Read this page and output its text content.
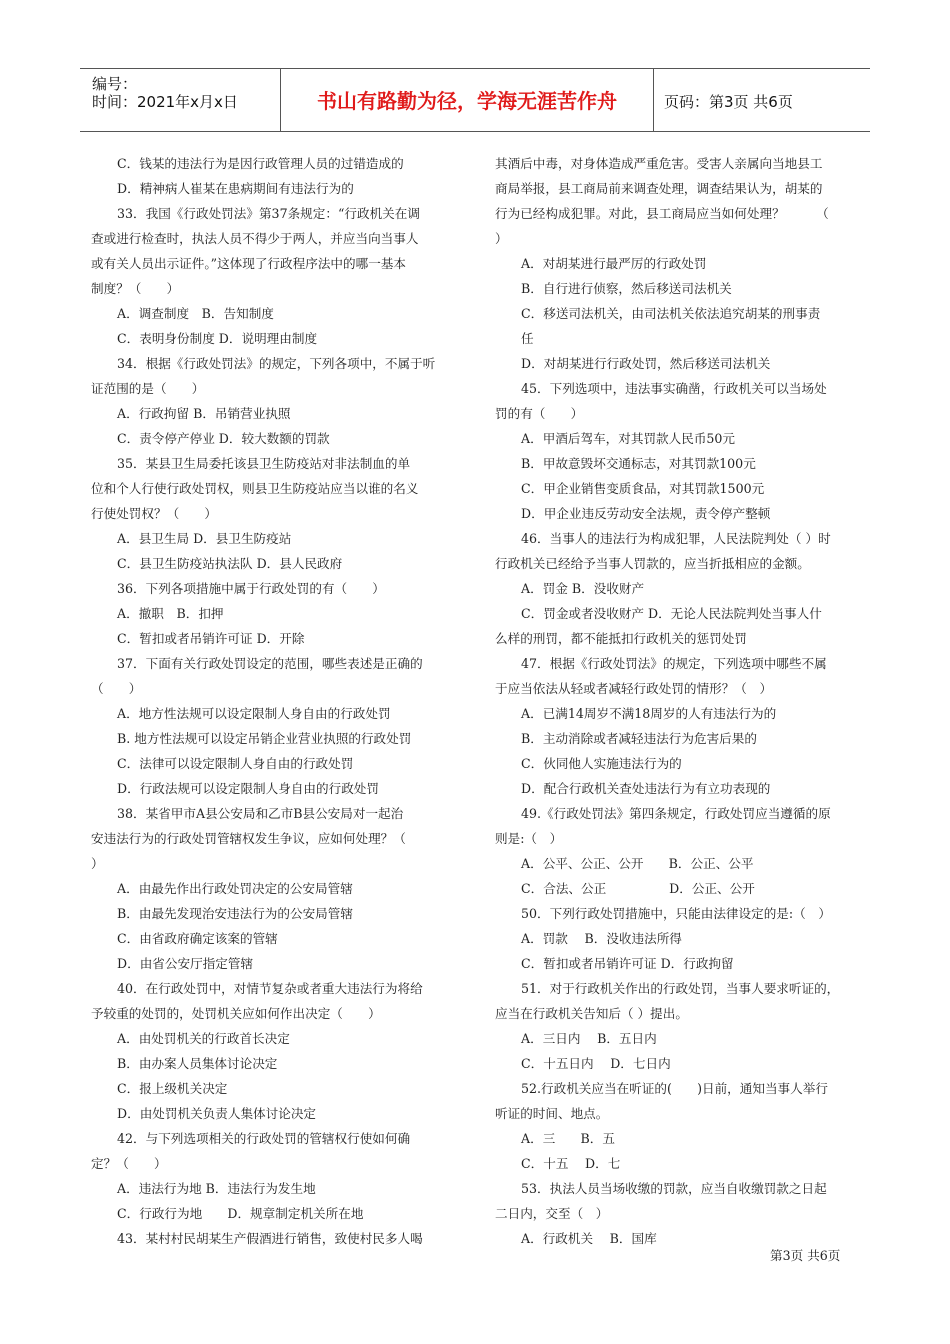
编号：
时间：2021年x月x日	书山有路勤为径，学海无涯苦作舟	页码：第3页 共6页
C．钱某的违法行为是因行政管理人员的过错造成的
D．精神病人崔某在患病期间有违法行为的
33．我国《行政处罚法》第37条规定：“行政机关在调
查或进行检查时，执法人员不得少于两人，并应当向当事人
或有关人员出示证件。”这体现了行政程序法中的哪一基本
制度？（　　）
A．调查制度　B．告知制度
C．表明身份制度 D．说明理由制度
34．根据《行政处罚法》的规定，下列各项中，不属于听
证范围的是（　　）
A．行政拘留 B．吊销营业执照
C．责令停产停业 D．较大数额的罚款
35．某县卫生局委托该县卫生防疫站对非法制血的单
位和个人行使行政处罚权，则县卫生防疫站应当以谁的名义
行使处罚权？（　　）
A．县卫生局 D．县卫生防疫站
C．县卫生防疫站执法队 D．县人民政府
36．下列各项措施中属于行政处罚的有（　　）
A．撤职　B．扣押
C．暂扣或者吊销许可证 D．开除
37．下面有关行政处罚设定的范围，哪些表述是正确的
（　　）
A．地方性法规可以设定限制人身自由的行政处罚
B. 地方性法规可以设定吊销企业营业执照的行政处罚
C．法律可以设定限制人身自由的行政处罚
D．行政法规可以设定限制人身自由的行政处罚
38．某省甲市A县公安局和乙市B县公安局对一起治
安违法行为的行政处罚管辖权发生争议，应如何处理？（
）
A．由最先作出行政处罚决定的公安局管辖
B．由最先发现治安违法行为的公安局管辖
C．由省政府确定该案的管辖
D．由省公安厅指定管辖
40．在行政处罚中，对情节复杂或者重大违法行为将给
予较重的处罚的，处罚机关应如何作出决定（　　）
A．由处罚机关的行政首长决定
B．由办案人员集体讨论决定
C．报上级机关决定
D．由处罚机关负责人集体讨论决定
42．与下列选项相关的行政处罚的管辖权行使如何确
定？（　　）
A．违法行为地 B．违法行为发生地
C．行政行为地　　D．规章制定机关所在地
43．某村村民胡某生产假酒进行销售，致使村民多人喝
其酒后中毒，对身体造成严重危害。受害人亲属向当地县工
商局举报，县工商局前来调查处理，调查结果认为，胡某的
行为已经构成犯罪。对此，县工商局应当如何处理？　　　（
）
A．对胡某进行最严厉的行政处罚
B．自行进行侦察，然后移送司法机关
C．移送司法机关，由司法机关依法追究胡某的刑事责
任
D．对胡某进行行政处罚，然后移送司法机关
45．下列选项中，违法事实确凿，行政机关可以当场处
罚的有（　　）
A．甲酒后驾车，对其罚款人民币50元
B．甲故意毁坏交通标志，对其罚款100元
C．甲企业销售变质食品，对其罚款1500元
D．甲企业违反劳动安全法规，责令停产整顿
46．当事人的违法行为构成犯罪，人民法院判处（ ）时
行政机关已经给予当事人罚款的，应当折抵相应的金额。
A．罚金 B．没收财产
C．罚金或者没收财产 D．无论人民法院判处当事人什
么样的刑罚，都不能抵扣行政机关的惩罚处罚
47．根据《行政处罚法》的规定，下列选项中哪些不属
于应当依法从轻或者减轻行政处罚的情形？（　）
A．已满14周岁不满18周岁的人有违法行为的
B．主动消除或者减轻违法行为危害后果的
C．伙同他人实施违法行为的
D．配合行政机关查处违法行为有立功表现的
49.《行政处罚法》第四条规定，行政处罚应当遵循的原
则是:（　）
A．公平、公正、公开　　B．公正、公平
C．合法、公正　　　　　D．公正、公开
50．下列行政处罚措施中，只能由法律设定的是:（　）
A．罚款　 B．没收违法所得
C．暂扣或者吊销许可证 D．行政拘留
51．对于行政机关作出的行政处罚，当事人要求听证的，
应当在行政机关告知后（ ）提出。
A．三日内　 B．五日内
C．十五日内　 D．七日内
52.行政机关应当在听证的(　　)日前，通知当事人举行
听证的时间、地点。
A．三　　B．五
C．十五　 D．七
53．执法人员当场收缴的罚款，应当自收缴罚款之日起
二日内，交至（　）
A．行政机关　 B．国库
第3页 共6页
